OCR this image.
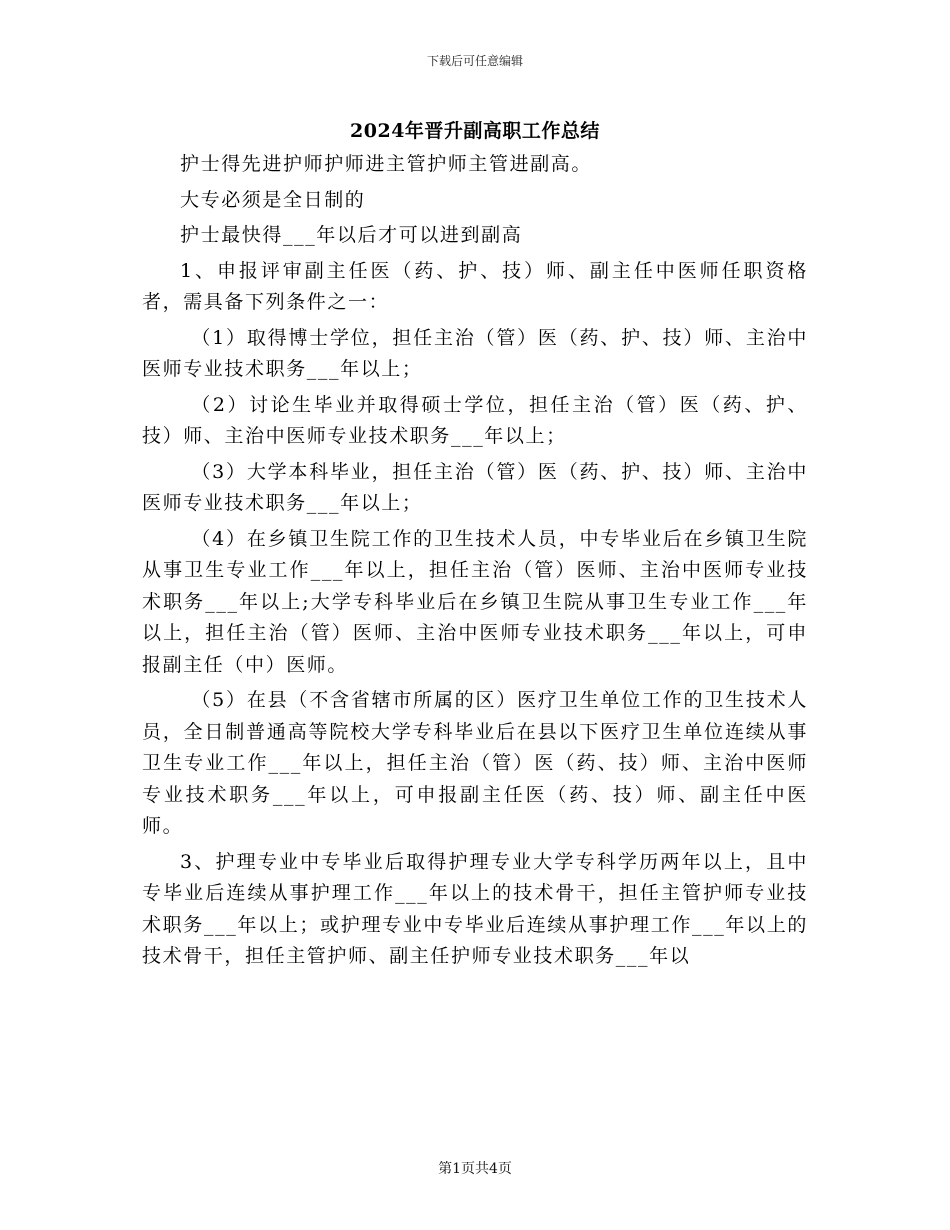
下载后可任意编辑
2024年晋升副高职工作总结

护士得先进护师护师进主管护师主管进副高。

大专必须是全日制的

护士最快得___年以后才可以进到副高

1、申报评审副主任医（药、护、技）师、副主任中医师任职资格者，需具备下列条件之一：

（1）取得博士学位，担任主治（管）医（药、护、技）师、主治中医师专业技术职务___年以上；

（2）讨论生毕业并取得硕士学位，担任主治（管）医（药、护、技）师、主治中医师专业技术职务___年以上；

（3）大学本科毕业，担任主治（管）医（药、护、技）师、主治中医师专业技术职务___年以上；

（4）在乡镇卫生院工作的卫生技术人员，中专毕业后在乡镇卫生院从事卫生专业工作___年以上，担任主治（管）医师、主治中医师专业技术职务___年以上;大学专科毕业后在乡镇卫生院从事卫生专业工作___年以上，担任主治（管）医师、主治中医师专业技术职务___年以上，可申报副主任（中）医师。

（5）在县（不含省辖市所属的区）医疗卫生单位工作的卫生技术人员，全日制普通高等院校大学专科毕业后在县以下医疗卫生单位连续从事卫生专业工作___年以上，担任主治（管）医（药、技）师、主治中医师专业技术职务___年以上，可申报副主任医（药、技）师、副主任中医师。

3、护理专业中专毕业后取得护理专业大学专科学历两年以上，且中专毕业后连续从事护理工作___年以上的技术骨干，担任主管护师专业技术职务___年以上；或护理专业中专毕业后连续从事护理工作___年以上的技术骨干，担任主管护师、副主任护师专业技术职务___年以

第1页共4页
